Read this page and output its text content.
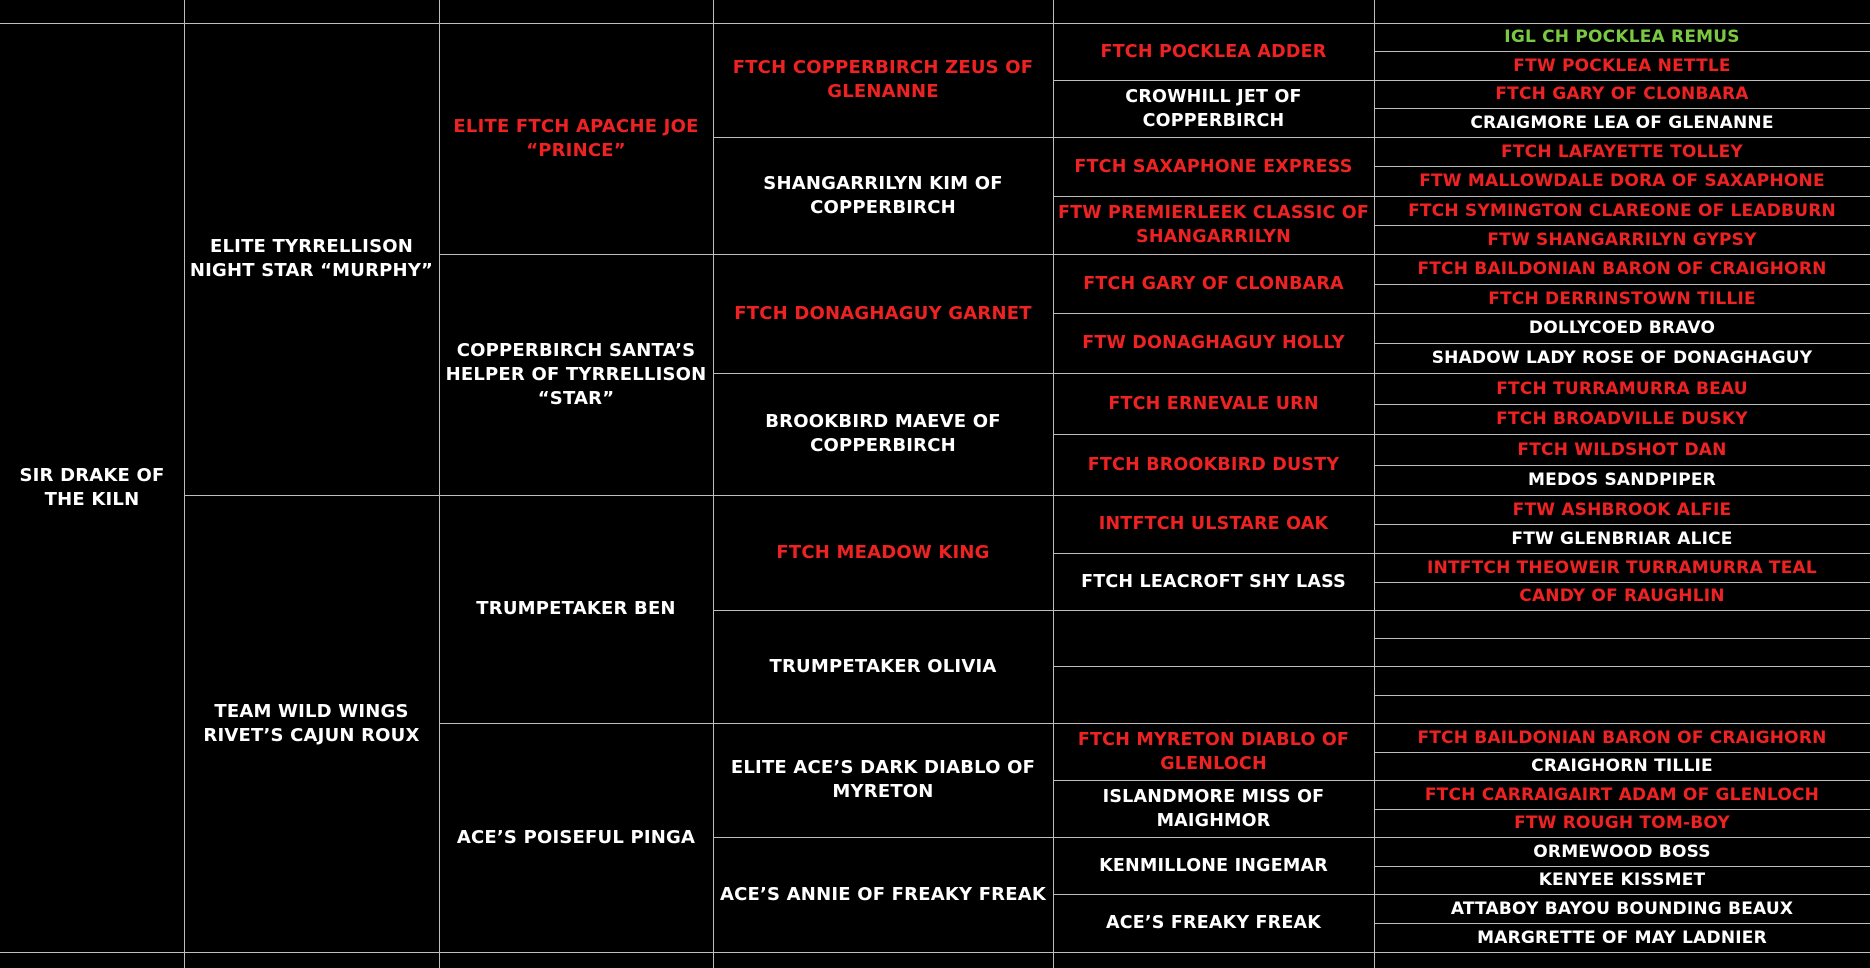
SIR DRAKE OF THE KILN
ELITE TYRRELLISON NIGHT STAR “MURPHY”
TEAM WILD WINGS RIVET’S CAJUN ROUX
ELITE FTCH APACHE JOE “PRINCE”
COPPERBIRCH SANTA’S HELPER OF TYRRELLISON “STAR”
TRUMPETAKER BEN
ACE’S POISEFUL PINGA
FTCH COPPERBIRCH ZEUS OF GLENANNE
SHANGARRILYN KIM OF COPPERBIRCH
FTCH DONAGHAGUY GARNET
BROOKBIRD MAEVE OF COPPERBIRCH
FTCH MEADOW KING
TRUMPETAKER OLIVIA
ELITE ACE’S DARK DIABLO OF MYRETON
ACE’S ANNIE OF FREAKY FREAK
FTCH POCKLEA ADDER
CROWHILL JET OF COPPERBIRCH
FTCH SAXAPHONE EXPRESS
FTW PREMIERLEEK CLASSIC OF SHANGARRILYN
FTCH GARY OF CLONBARA
FTW DONAGHAGUY HOLLY
FTCH ERNEVALE URN
FTCH BROOKBIRD DUSTY
INTFTCH ULSTARE OAK
FTCH LEACROFT SHY LASS
FTCH MYRETON DIABLO OF GLENLOCH
ISLANDMORE MISS OF MAIGHMOR
KENMILLONE INGEMAR
ACE’S FREAKY FREAK
IGL CH POCKLEA REMUS
FTW POCKLEA NETTLE
FTCH GARY OF CLONBARA
CRAIGMORE LEA OF GLENANNE
FTCH LAFAYETTE TOLLEY
FTW MALLOWDALE DORA OF SAXAPHONE
FTCH SYMINGTON CLAREONE OF LEADBURN
FTW SHANGARRILYN GYPSY
FTCH BAILDONIAN BARON OF CRAIGHORN
FTCH DERRINSTOWN TILLIE
DOLLYCOED BRAVO
SHADOW LADY ROSE OF DONAGHAGUY
FTCH TURRAMURRA BEAU
FTCH BROADVILLE DUSKY
FTCH WILDSHOT DAN
MEDOS SANDPIPER
FTW ASHBROOK ALFIE
FTW GLENBRIAR ALICE
INTFTCH THEOWEIR TURRAMURRA TEAL
CANDY OF RAUGHLIN
FTCH BAILDONIAN BARON OF CRAIGHORN
CRAIGHORN TILLIE
FTCH CARRAIGAIRT ADAM OF GLENLOCH
FTW ROUGH TOM-BOY
ORMEWOOD BOSS
KENYEE KISSMET
ATTABOY BAYOU BOUNDING BEAUX
MARGRETTE OF MAY LADNIER
